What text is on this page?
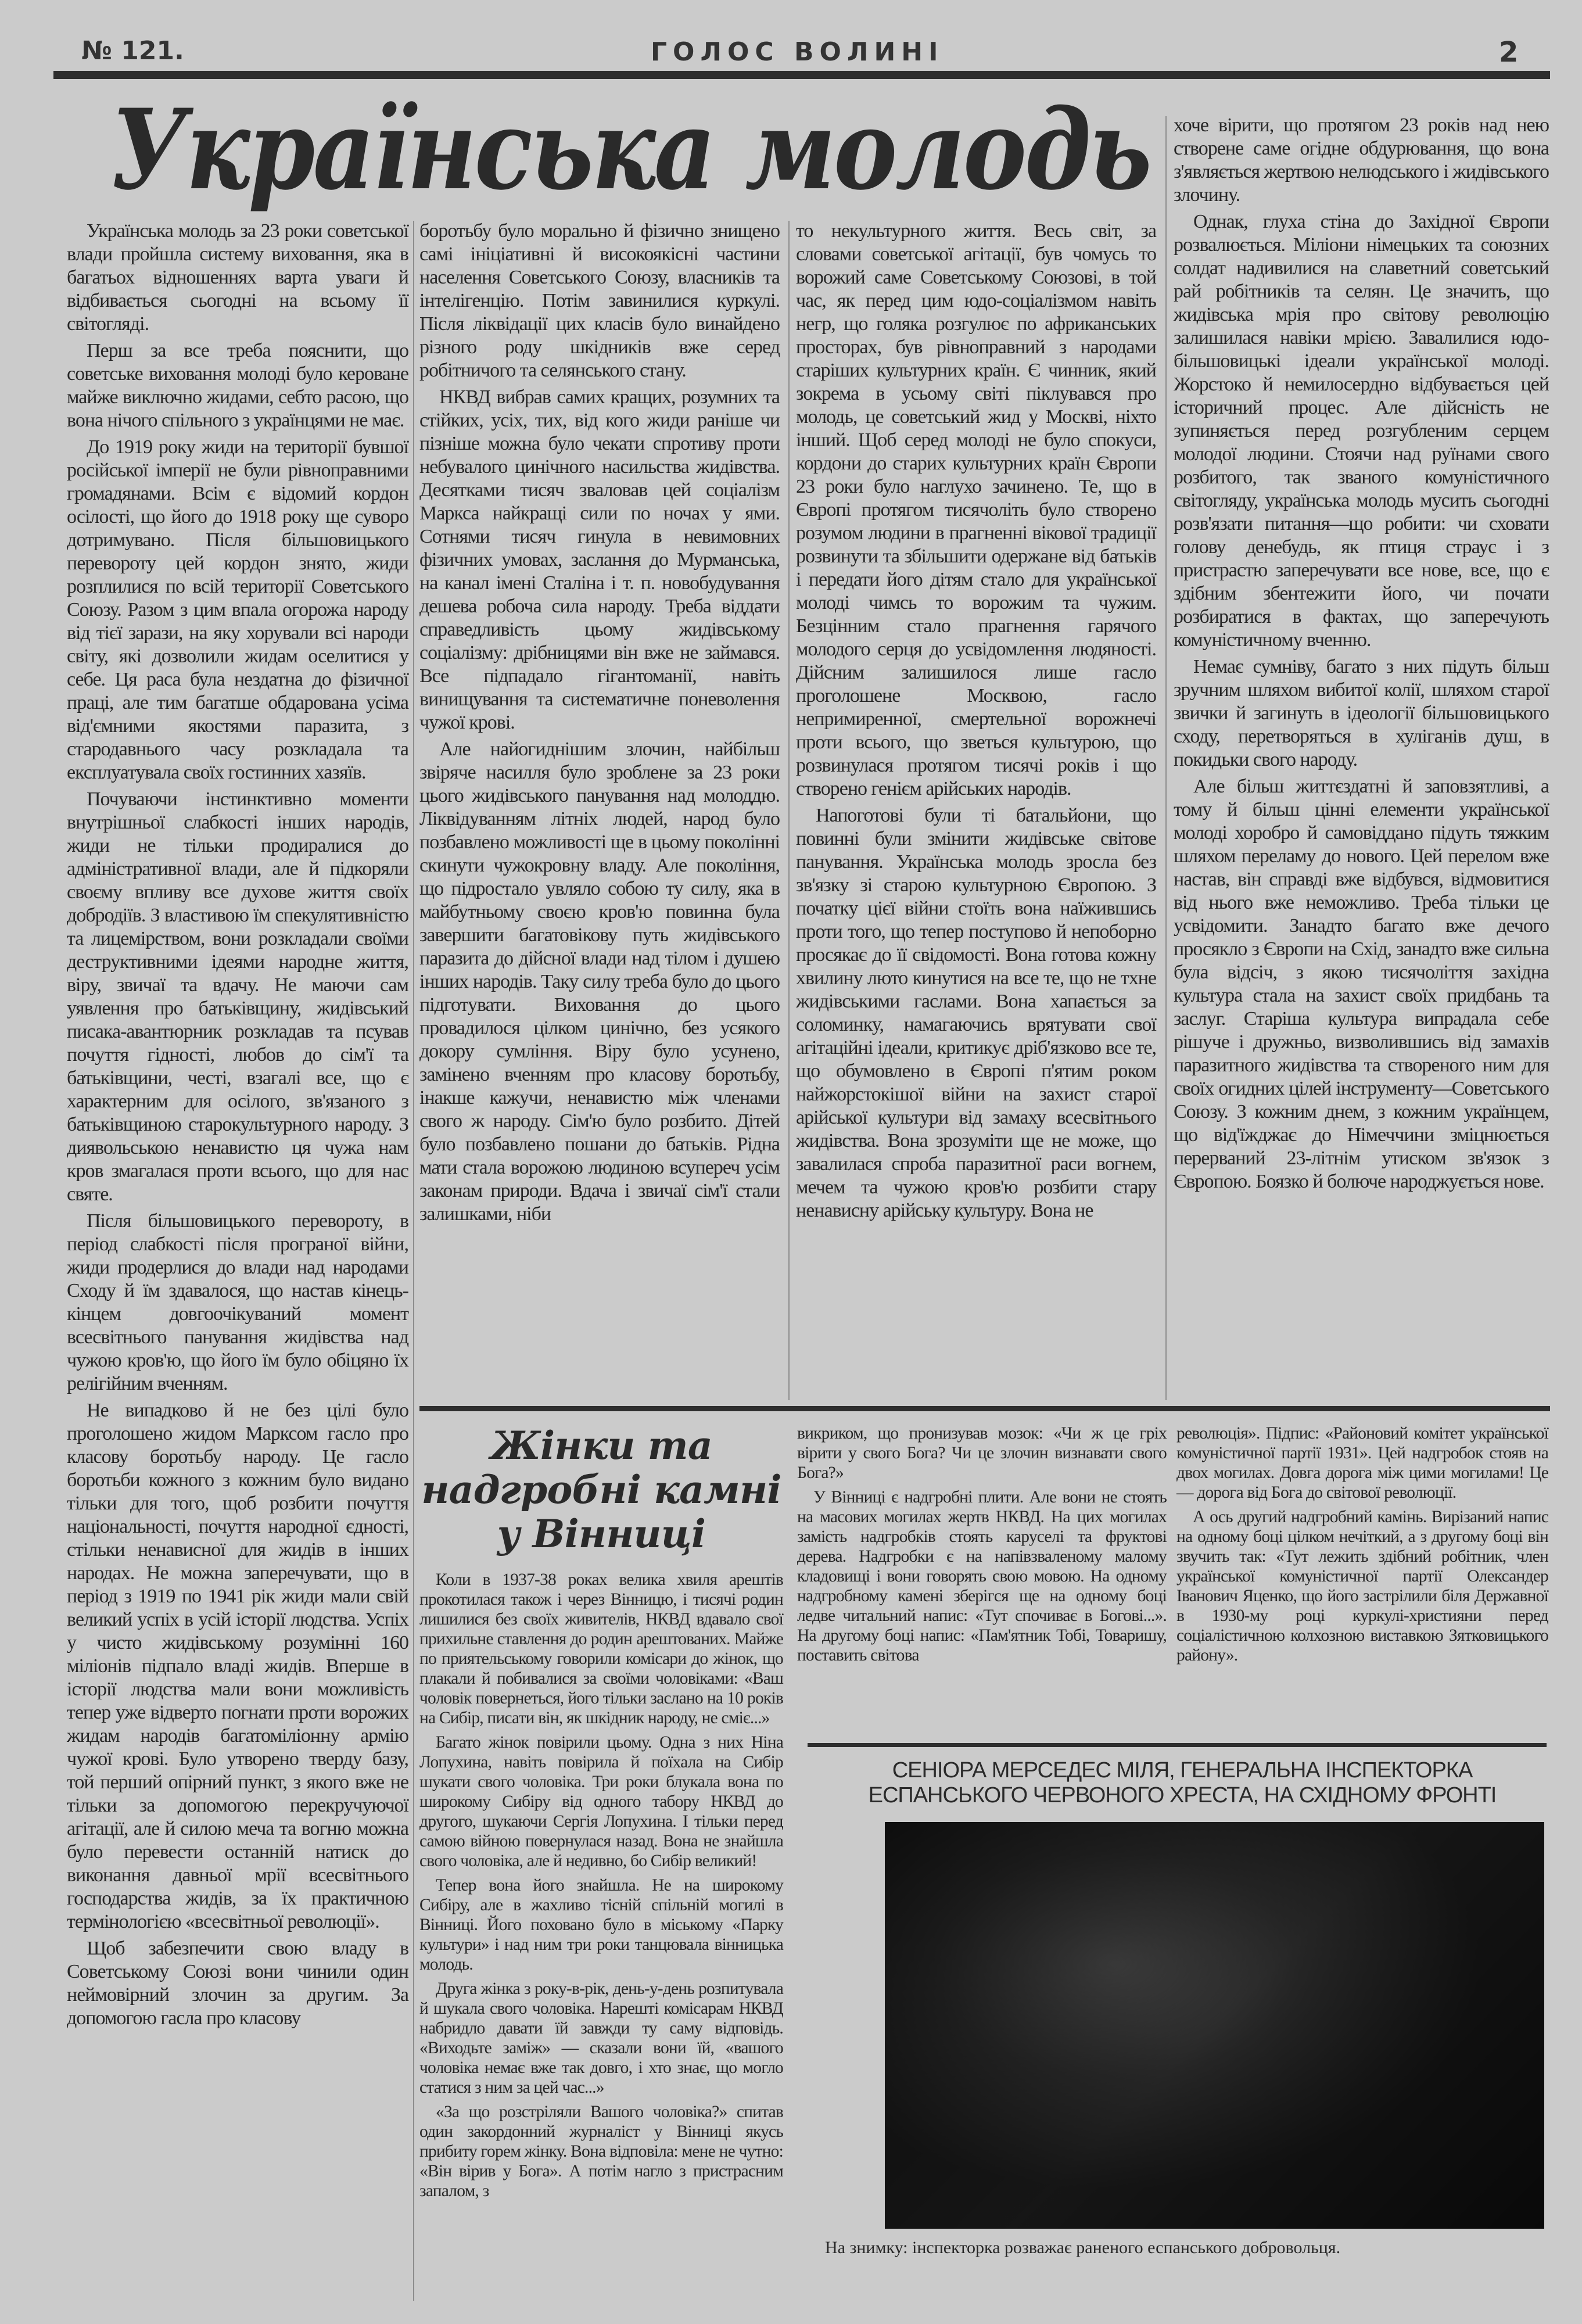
№ 121.	ГОЛОС ВОЛИНІ	2
Українська молодь

Українська молодь за 23 роки советської влади пройшла систему виховання, яка в багатьох відношеннях варта уваги й відбивається сьогодні на всьому її світогляді.

Перш за все треба пояснити, що советське виховання молоді було кероване майже виключно жидами, себто расою, що вона нічого спільного з українцями не має.

До 1919 року жиди на території бувшої російської імперії не були рівноправними громадянами. Всім є відомий кордон осілості, що його до 1918 року ще суворо дотримувано. Після більшовицького перевороту цей кордон знято, жиди розплилися по всій території Советського Союзу. Разом з цим впала огорожа народу від тієї зарази, на яку хорували всі народи світу, які дозволили жидам оселитися у себе. Ця раса була нездатна до фізичної праці, але тим багатше обдарована усіма від'ємними якостями паразита, з стародавнього часу розкладала та експлуатувала своїх гостинних хазяїв.

Почуваючи інстинктивно моменти внутрішньої слабкості інших народів, жиди не тільки продиралися до адміністративної влади, але й підкоряли своєму впливу все духове життя своїх добродіїв. З властивою їм спекулятивністю та лицемірством, вони розкладали своїми деструктивними ідеями народне життя, віру, звичаї та вдачу. Не маючи сам уявлення про батьківщину, жидівський писака-авантюрник розкладав та псував почуття гідності, любов до сім'ї та батьківщини, честі, взагалі все, що є характерним для осілого, зв'язаного з батьківщиною старокультурного народу. З диявольською ненавистю ця чужа нам кров змагалася проти всього, що для нас святе.

Після більшовицького перевороту, в період слабкості після програної війни, жиди продерлися до влади над народами Сходу й їм здавалося, що настав кінець-кінцем довгоочікуваний момент всесвітнього панування жидівства над чужою кров'ю, що його їм було обіцяно їх релігійним вченням.

Не випадково й не без цілі було проголошено жидом Марксом гасло про класову боротьбу народу. Це гасло боротьби кожного з кожним було видано тільки для того, щоб розбити почуття національності, почуття народної єдності, стільки ненависної для жидів в інших народах. Не можна заперечувати, що в період з 1919 по 1941 рік жиди мали свій великий успіх в усій історії людства. Успіх у чисто жидівському розумінні 160 міліонів підпало владі жидів. Вперше в історії людства мали вони можливість тепер уже відверто погнати проти ворожих жидам народів багатоміліонну армію чужої крові. Було утворено тверду базу, той перший опірний пункт, з якого вже не тільки за допомогою перекручуючої агітації, але й силою меча та вогню можна було перевести останній натиск до виконання давньої мрії всесвітнього господарства жидів, за їх практичною термінологією «всесвітньої революції».

Щоб забезпечити свою владу в Советському Союзі вони чинили один неймовірний злочин за другим. За допомогою гасла про класову

боротьбу було морально й фізично знищено самі ініціативні й високоякісні частини населення Советського Союзу, власників та інтелігенцію. Потім завинилися куркулі. Після ліквідації цих класів було винайдено різного роду шкідників вже серед робітничого та селянського стану.

НКВД вибрав самих кращих, розумних та стійких, усіх, тих, від кого жиди раніше чи пізніше можна було чекати спротиву проти небувалого цинічного насильства жидівства. Десятками тисяч зваловав цей соціалізм Маркса найкращі сили по ночах у ями. Сотнями тисяч гинула в невимовних фізичних умовах, заслання до Мурманська, на канал імені Сталіна і т. п. новобудування дешева робоча сила народу. Треба віддати справедливість цьому жидівському соціалізму: дрібницями він вже не займався. Все підпадало гігантоманії, навіть винищування та систематичне поневолення чужої крові.

Але найогиднішим злочин, найбільш звіряче насилля було зроблене за 23 роки цього жидівського панування над молоддю. Ліквідуванням літніх людей, народ було позбавлено можливості ще в цьому поколінні скинути чужокровну владу. Але покоління, що підростало увляло собою ту силу, яка в майбутньому своєю кров'ю повинна була завершити багатовікову путь жидівського паразита до дійсної влади над тілом і душею інших народів. Таку силу треба було до цього підготувати. Виховання до цього провадилося цілком цинічно, без усякого докору сумління. Віру було усунено, замінено вченням про класову боротьбу, інакше кажучи, ненавистю між членами свого ж народу. Сім'ю було розбито. Дітей було позбавлено пошани до батьків. Рідна мати стала ворожою людиною всупереч усім законам природи. Вдача і звичаї сім'ї стали залишками, ніби

то некультурного життя. Весь світ, за словами советської агітації, був чомусь то ворожий саме Советському Союзові, в той час, як перед цим юдо-соціалізмом навіть негр, що голяка розгулює по африканських просторах, був рівноправний з народами старіших культурних країн. Є чинник, який зокрема в усьому світі піклувався про молодь, це советський жид у Москві, ніхто інший. Щоб серед молоді не було спокуси, кордони до старих культурних країн Європи 23 роки було наглухо зачинено. Те, що в Європі протягом тисячоліть було створено розумом людини в прагненні вікової традиції розвинути та збільшити одержане від батьків і передати його дітям стало для української молоді чимсь то ворожим та чужим. Безцінним стало прагнення гарячого молодого серця до усвідомлення людяності. Дійсним залишилося лише гасло проголошене Москвою, гасло непримиренної, смертельної ворожнечі проти всього, що зветься культурою, що розвинулася протягом тисячі років і що створено генієм арійських народів.

Напоготові були ті батальйони, що повинні були змінити жидівське світове панування. Українська молодь зросла без зв'язку зі старою культурною Європою. З початку цієї війни стоїть вона наїжившись проти того, що тепер поступово й непоборно просякає до її свідомості. Вона готова кожну хвилину люто кинутися на все те, що не тхне жидівськими гаслами. Вона хапається за соломинку, намагаючись врятувати свої агітаційні ідеали, критикує дріб'язково все те, що обумовлено в Європі п'ятим роком найжорстокішої війни на захист старої арійської культури від замаху всесвітнього жидівства. Вона зрозуміти ще не може, що завалилася спроба паразитної раси вогнем, мечем та чужою кров'ю розбити стару ненависну арійську культуру. Вона не

хоче вірити, що протягом 23 років над нею створене саме огідне обдурювання, що вона з'являється жертвою нелюдського і жидівського злочину.

Однак, глуха стіна до Західної Європи розвалюється. Міліони німецьких та союзних солдат надивилися на славетний советський рай робітників та селян. Це значить, що жидівська мрія про світову революцію залишилася навіки мрією. Завалилися юдо-більшовицькі ідеали української молоді. Жорстоко й немилосердно відбувається цей історичний процес. Але дійсність не зупиняється перед розгубленим серцем молодої людини. Стоячи над руїнами свого розбитого, так званого комуністичного світогляду, українська молодь мусить сьогодні розв'язати питання—що робити: чи сховати голову денебудь, як птиця страус і з пристрастю заперечувати все нове, все, що є здібним збентежити його, чи почати розбиратися в фактах, що заперечують комуністичному вченню.

Немає сумніву, багато з них підуть більш зручним шляхом вибитої колії, шляхом старої звички й загинуть в ідеології більшовицького сходу, перетворяться в хуліганів душ, в покидьки свого народу.

Але більш життєздатні й заповзятливі, а тому й більш цінні елементи української молоді хоробро й самовіддано підуть тяжким шляхом переламу до нового. Цей перелом вже настав, він справді вже відбувся, відмовитися від нього вже неможливо. Треба тільки це усвідомити. Занадто багато вже дечого просякло з Європи на Схід, занадто вже сильна була відсіч, з якою тисячоліття західна культура стала на захист своїх придбань та заслуг. Старіша культура випрадала себе рішуче і дружньо, визволившись від замахів паразитного жидівства та створеного ним для своїх огидних цілей інструменту—Советського Союзу. З кожним днем, з кожним українцем, що від'їжджає до Німеччини зміцнюється перерваний 23-літнім утиском зв'язок з Європою. Боязко й болюче народжується нове.

Жінки та надгробні камні у Вінниці

Коли в 1937-38 роках велика хвиля арештів прокотилася також і через Вінницю, і тисячі родин лишилися без своїх живителів, НКВД вдавало свої прихильне ставлення до родин арештованих. Майже по приятельському говорили комісари до жінок, що плакали й побивалися за своїми чоловіками: «Ваш чоловік повернеться, його тільки заслано на 10 років на Сибір, писати він, як шкідник народу, не сміє...»

Багато жінок повірили цьому. Одна з них Ніна Лопухина, навіть повірила й поїхала на Сибір шукати свого чоловіка. Три роки блукала вона по широкому Сибіру від одного табору НКВД до другого, шукаючи Сергія Лопухина. І тільки перед самою війною повернулася назад. Вона не знайшла свого чоловіка, але й недивно, бо Сибір великий!

Тепер вона його знайшла. Не на широкому Сибіру, але в жахливо тісній спільній могилі в Вінниці. Його поховано було в міському «Парку культури» і над ним три роки танцювала вінницька молодь.

Друга жінка з року-в-рік, день-у-день розпитувала й шукала свого чоловіка. Нарешті комісарам НКВД набридло давати їй завжди ту саму відповідь. «Виходьте заміж» — сказали вони їй, «вашого чоловіка немає вже так довго, і хто знає, що могло статися з ним за цей час...»

«За що розстріляли Вашого чоловіка?» спитав один закордонний журналіст у Вінниці якусь прибиту горем жінку. Вона відповіла: мене не чутно: «Він вірив у Бога». А потім нагло з пристрасним запалом, з

викриком, що пронизував мозок: «Чи ж це гріх вірити у свого Бога? Чи це злочин визнавати свого Бога?»

У Вінниці є надгробні плити. Але вони не стоять на масових могилах жертв НКВД. На цих могилах замість надгробків стоять каруселі та фруктові дерева. Надгробки є на напівзваленому малому кладовищі і вони говорять свою мовою. На одному надгробному камені зберігся ще на одному боці ледве читальний напис: «Тут спочиває в Богові...». На другому боці напис: «Пам'ятник Тобі, Товаришу, поставить світова

революція». Підпис: «Районовий комітет української комуністичної партії 1931». Цей надгробок стояв на двох могилах. Довга дорога між цими могилами! Це — дорога від Бога до світової революції.

А ось другий надгробний камінь. Вирізаний напис на одному боці цілком нечіткий, а з другому боці він звучить так: «Тут лежить здібний робітник, член української комуністичної партії Олександер Іванович Яценко, що його застрілили біля Державної в 1930-му році куркулі-християни перед соціалістичною колхозною виставкою Зятковицького району».

СЕНІОРА МЕРСЕДЕС МІЛЯ, ГЕНЕРАЛЬНА ІНСПЕКТОРКА ЕСПАНСЬКОГО ЧЕРВОНОГО ХРЕСТА, НА СХІДНОМУ ФРОНТІ
На знимку: інспекторка розважає раненого еспанського добровольця.
